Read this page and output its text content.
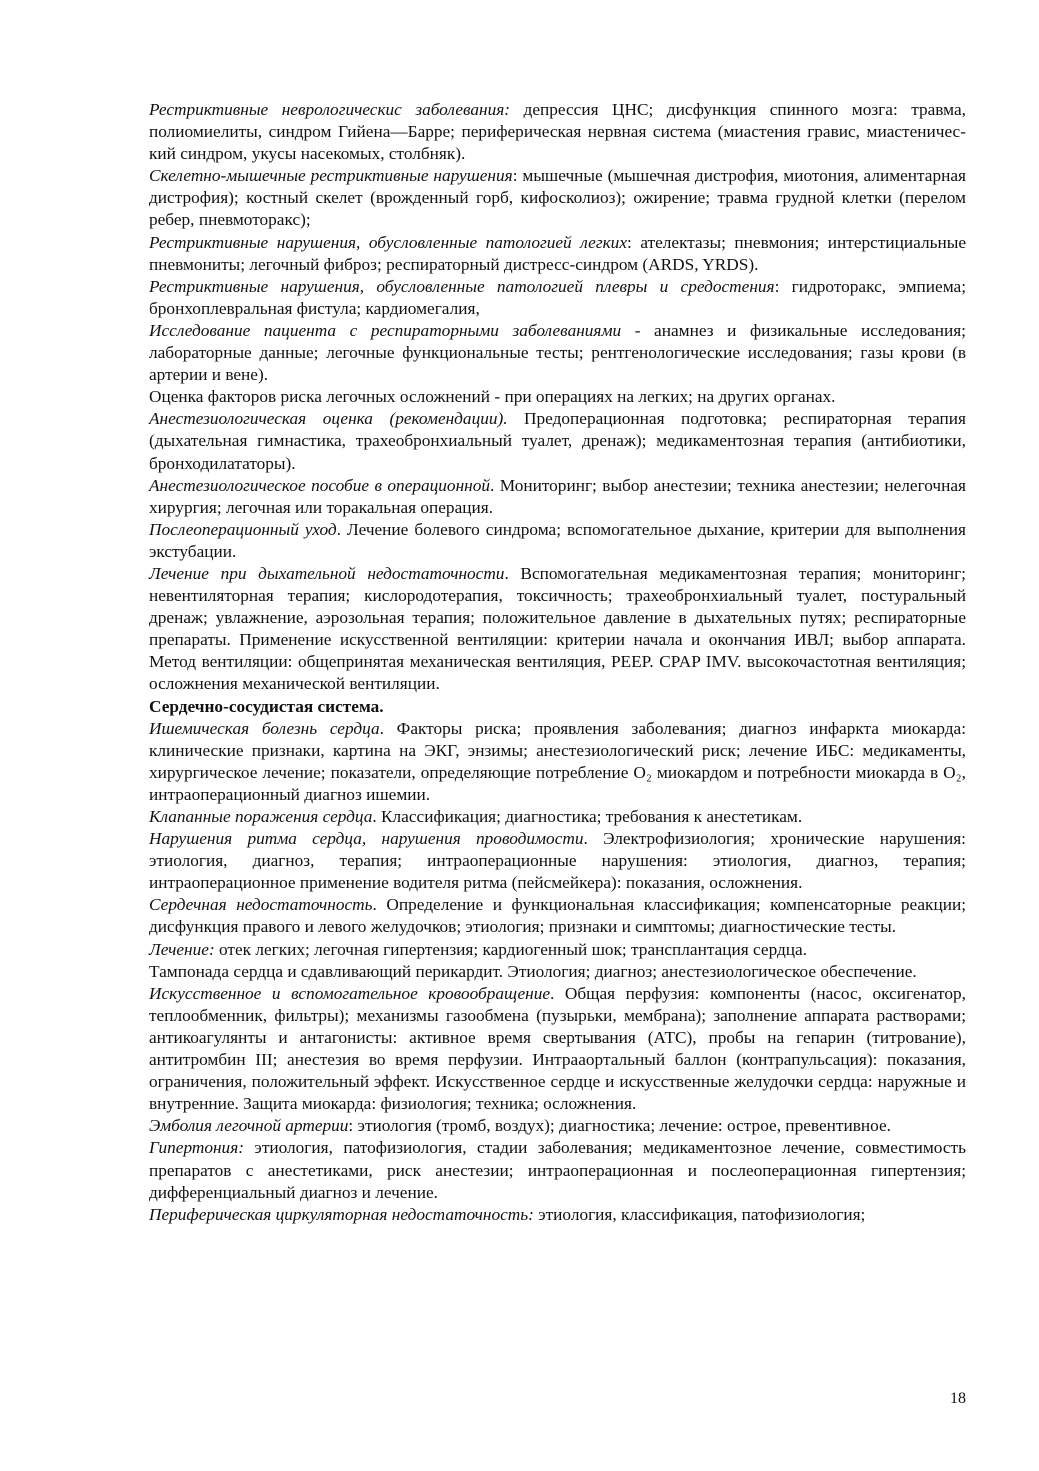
Рестриктивные неврологическис заболевания: депрессия ЦНС; дисфункция спинного мозга: травма, полиомиелиты, синдром Гийена—Барре; периферическая нервная система (миастения гравис, миастеничес-кий синдром, укусы насекомых, столбняк).

Скелетно-мышечные рестриктивные нарушения: мышечные (мышечная дистрофия, миотония, алиментарная дистрофия); костный скелет (врожденный горб, кифосколиоз); ожирение; травма грудной клетки (перелом ребер, пневмоторакс);

Рестриктивные нарушения, обусловленные патологией легких: ателектазы; пневмония; интерстициальные пневмониты; легочный фиброз; респираторный дистресс-синдром (ARDS, YRDS).

Рестриктивные нарушения, обусловленные патологией плевры и средостения: гидроторакс, эмпиема; бронхоплевральная фистула; кардиомегалия,

Исследование пациента с респираторными заболеваниями - анамнез и физикальные исследования; лабораторные данные; легочные функциональные тесты; рентгенологические исследования; газы крови (в артерии и вене).

Оценка факторов риска легочных осложнений - при операциях на легких; на других органах.

Анестезиологическая оценка (рекомендации). Предоперационная подготовка; респираторная терапия (дыхательная гимнастика, трахеобронхиальный туалет, дренаж); медикаментозная терапия (антибиотики, бронходилататоры).

Анестезиологическое пособие в операционной. Мониторинг; выбор анестезии; техника анестезии; нелегочная хирургия; легочная или торакальная операция.

Послеоперационный уход. Лечение болевого синдрома; вспомогательное дыхание, критерии для выполнения экстубации.

Лечение при дыхательной недостаточности. Вспомогательная медикаментозная терапия; мониторинг; невентиляторная терапия; кислородотерапия, токсичность; трахеобронхиальный туалет, постуральный дренаж; увлажнение, аэрозольная терапия; положительное давление в дыхательных путях; респираторные препараты. Применение искусственной вентиляции: критерии начала и окончания ИВЛ; выбор аппарата. Метод вентиляции: общепринятая механическая вентиляция, PEEP. CPAP IMV. высокочастотная вентиляция; осложнения механической вентиляции.

Сердечно-сосудистая система.

Ишемическая болезнь сердца. Факторы риска; проявления заболевания; диагноз инфаркта миокарда: клинические признаки, картина на ЭКГ, энзимы; анестезиологический риск; лечение ИБС: медикаменты, хирургическое лечение; показатели, определяющие потребление О₂ миокардом и потребности миокарда в О₂, интраоперационный диагноз ишемии.

Клапанные поражения сердца. Классификация; диагностика; требования к анестетикам.

Нарушения ритма сердца, нарушения проводимости. Электрофизиология; хронические нарушения: этиология, диагноз, терапия; интраоперационные нарушения: этиология, диагноз, терапия; интраоперационное применение водителя ритма (пейсмейкера): показания, осложнения.

Сердечная недостаточность. Определение и функциональная классификация; компенсаторные реакции; дисфункция правого и левого желудочков; этиология; признаки и симптомы; диагностические тесты.

Лечение: отек легких; легочная гипертензия; кардиогенный шок; трансплантация сердца.

Тампонада сердца и сдавливающий перикардит. Этиология; диагноз; анестезиологическое обеспечение.

Искусственное и вспомогательное кровообращение. Общая перфузия: компоненты (насос, оксигенатор, теплообменник, фильтры); механизмы газообмена (пузырьки, мембрана); заполнение аппарата растворами; антикоагулянты и антагонисты: активное время свертывания (АТС), пробы на гепарин (титрование), антитромбин III; анестезия во время перфузии. Интрааортальный баллон (контрапульсация): показания, ограничения, положительный эффект. Искусственное сердце и искусственные желудочки сердца: наружные и внутренние. Защита миокарда: физиология; техника; осложнения.

Эмболия легочной артерии: этиология (тромб, воздух); диагностика; лечение: острое, превентивное.

Гипертония: этиология, патофизиология, стадии заболевания; медикаментозное лечение, совместимость препаратов с анестетиками, риск анестезии; интраоперационная и послеоперационная гипертензия; дифференциальный диагноз и лечение.

Периферическая циркуляторная недостаточность: этиология, классификация, патофизиология;

18
